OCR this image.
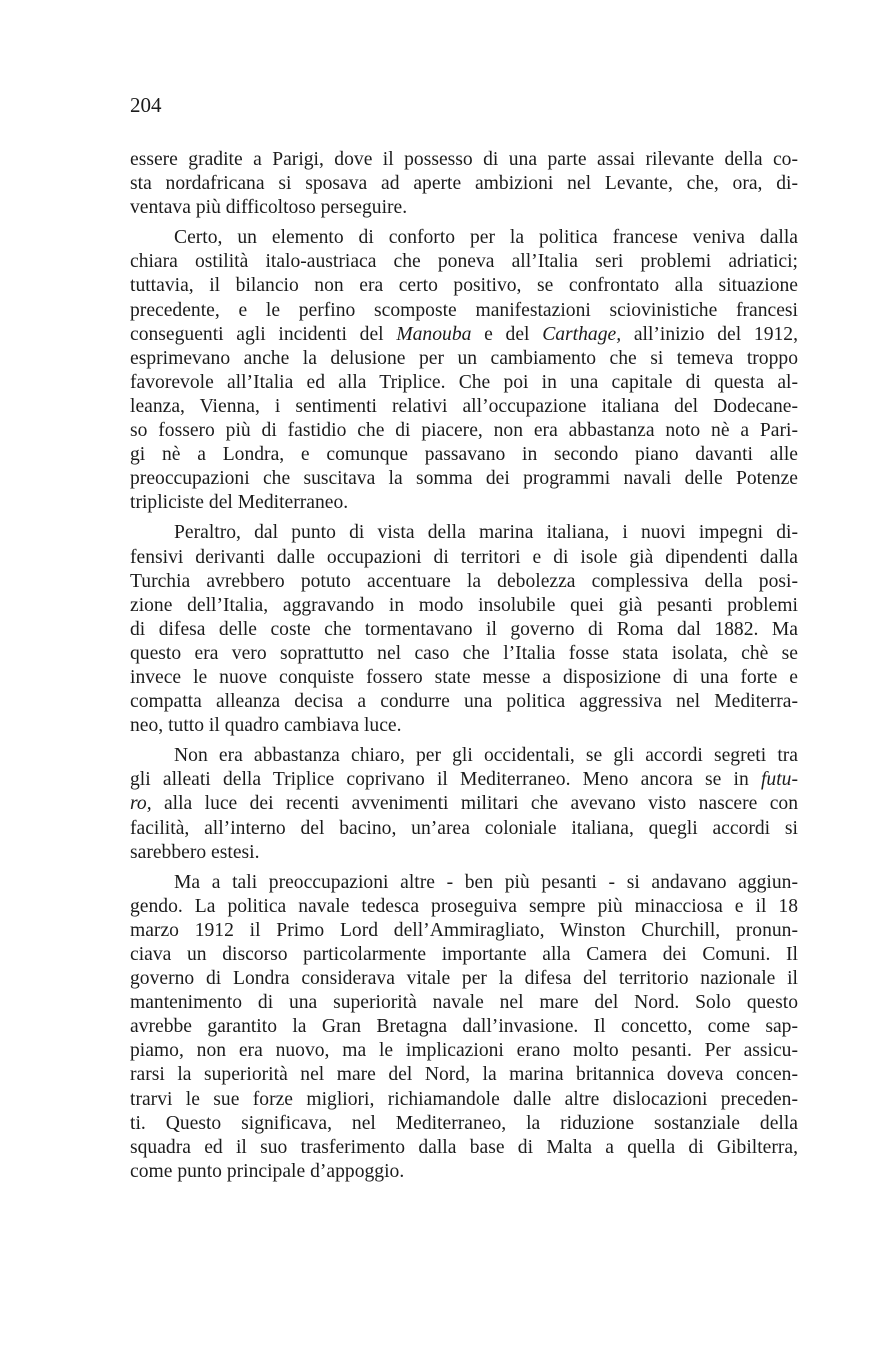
204
essere gradite a Parigi, dove il possesso di una parte assai rilevante della co-
sta nordafricana si sposava ad aperte ambizioni nel Levante, che, ora, di-
ventava più difficoltoso perseguire.
Certo, un elemento di conforto per la politica francese veniva dalla
chiara ostilità italo-austriaca che poneva all’Italia seri problemi adriatici;
tuttavia, il bilancio non era certo positivo, se confrontato alla situazione
precedente, e le perfino scomposte manifestazioni sciovinistiche francesi
conseguenti agli incidenti del Manouba e del Carthage, all’inizio del 1912,
esprimevano anche la delusione per un cambiamento che si temeva troppo
favorevole all’Italia ed alla Triplice. Che poi in una capitale di questa al-
leanza, Vienna, i sentimenti relativi all’occupazione italiana del Dodecane-
so fossero più di fastidio che di piacere, non era abbastanza noto nè a Pari-
gi nè a Londra, e comunque passavano in secondo piano davanti alle
preoccupazioni che suscitava la somma dei programmi navali delle Potenze
tripliciste del Mediterraneo.
Peraltro, dal punto di vista della marina italiana, i nuovi impegni di-
fensivi derivanti dalle occupazioni di territori e di isole già dipendenti dalla
Turchia avrebbero potuto accentuare la debolezza complessiva della posi-
zione dell’Italia, aggravando in modo insolubile quei già pesanti problemi
di difesa delle coste che tormentavano il governo di Roma dal 1882. Ma
questo era vero soprattutto nel caso che l’Italia fosse stata isolata, chè se
invece le nuove conquiste fossero state messe a disposizione di una forte e
compatta alleanza decisa a condurre una politica aggressiva nel Mediterra-
neo, tutto il quadro cambiava luce.
Non era abbastanza chiaro, per gli occidentali, se gli accordi segreti tra
gli alleati della Triplice coprivano il Mediterraneo. Meno ancora se in futu-
ro, alla luce dei recenti avvenimenti militari che avevano visto nascere con
facilità, all’interno del bacino, un’area coloniale italiana, quegli accordi si
sarebbero estesi.
Ma a tali preoccupazioni altre - ben più pesanti - si andavano aggiun-
gendo. La politica navale tedesca proseguiva sempre più minacciosa e il 18
marzo 1912 il Primo Lord dell’Ammiragliato, Winston Churchill, pronun-
ciava un discorso particolarmente importante alla Camera dei Comuni. Il
governo di Londra considerava vitale per la difesa del territorio nazionale il
mantenimento di una superiorità navale nel mare del Nord. Solo questo
avrebbe garantito la Gran Bretagna dall’invasione. Il concetto, come sap-
piamo, non era nuovo, ma le implicazioni erano molto pesanti. Per assicu-
rarsi la superiorità nel mare del Nord, la marina britannica doveva concen-
trarvi le sue forze migliori, richiamandole dalle altre dislocazioni preceden-
ti. Questo significava, nel Mediterraneo, la riduzione sostanziale della
squadra ed il suo trasferimento dalla base di Malta a quella di Gibilterra,
come punto principale d’appoggio.
